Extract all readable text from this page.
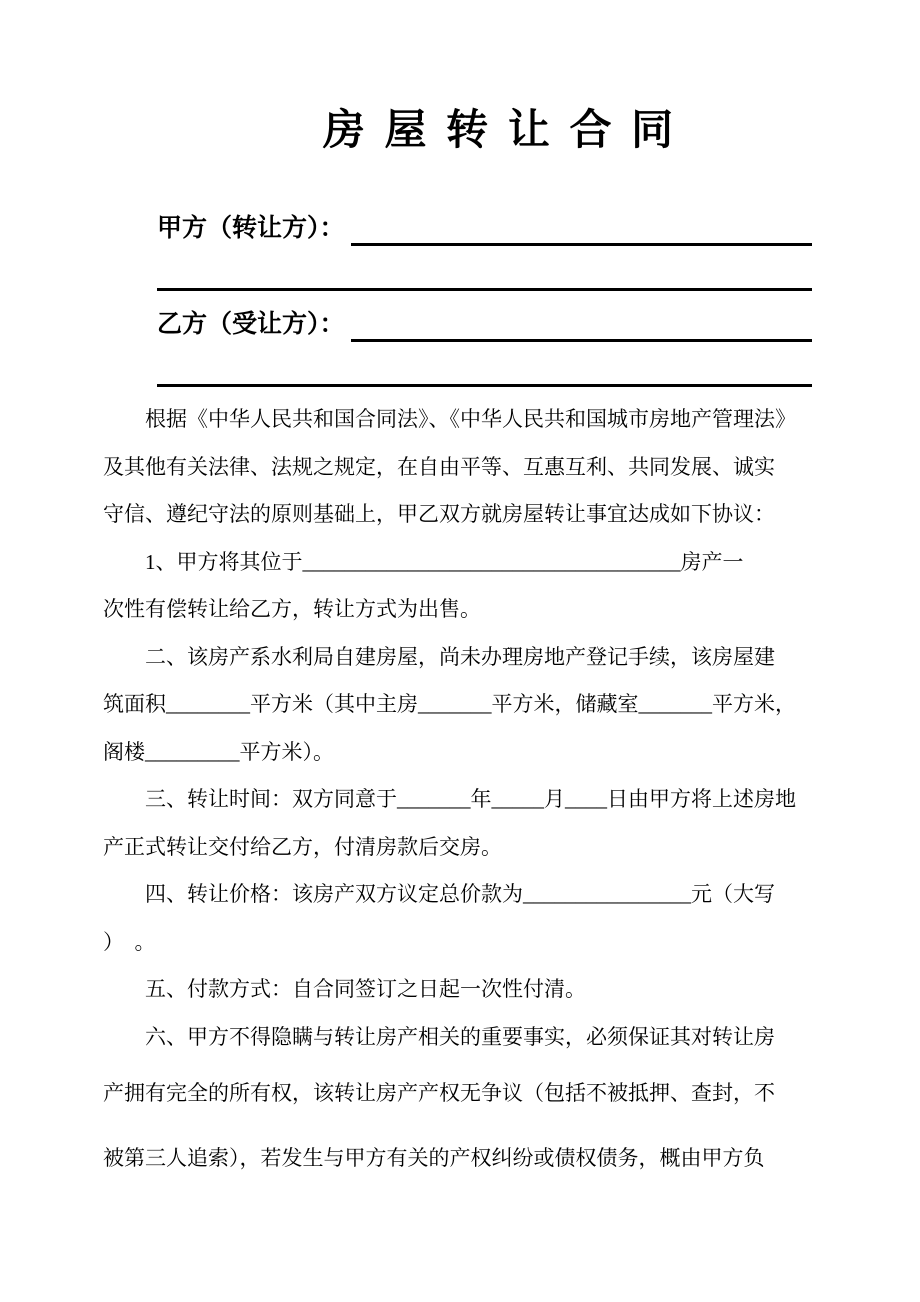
房 屋 转 让 合 同
甲方（转让方）：
乙方（受让方）：
根据《中华人民共和国合同法》、《中华人民共和国城市房地产管理法》
及其他有关法律、法规之规定，在自由平等、互惠互利、共同发展、诚实
守信、遵纪守法的原则基础上，甲乙双方就房屋转让事宜达成如下协议：
1、甲方将其位于____________________________________房产一
次性有偿转让给乙方，转让方式为出售。
二、该房产系水利局自建房屋，尚未办理房地产登记手续，该房屋建
筑面积________平方米（其中主房_______平方米，储藏室_______平方米，
阁楼_________平方米）。
三、转让时间：双方同意于_______年_____月____日由甲方将上述房地
产正式转让交付给乙方，付清房款后交房。
四、转让价格：该房产双方议定总价款为________________元（大写
）　。
五、付款方式：自合同签订之日起一次性付清。
六、甲方不得隐瞒与转让房产相关的重要事实，必须保证其对转让房
产拥有完全的所有权，该转让房产产权无争议（包括不被抵押、查封，不
被第三人追索），若发生与甲方有关的产权纠纷或债权债务，概由甲方负
